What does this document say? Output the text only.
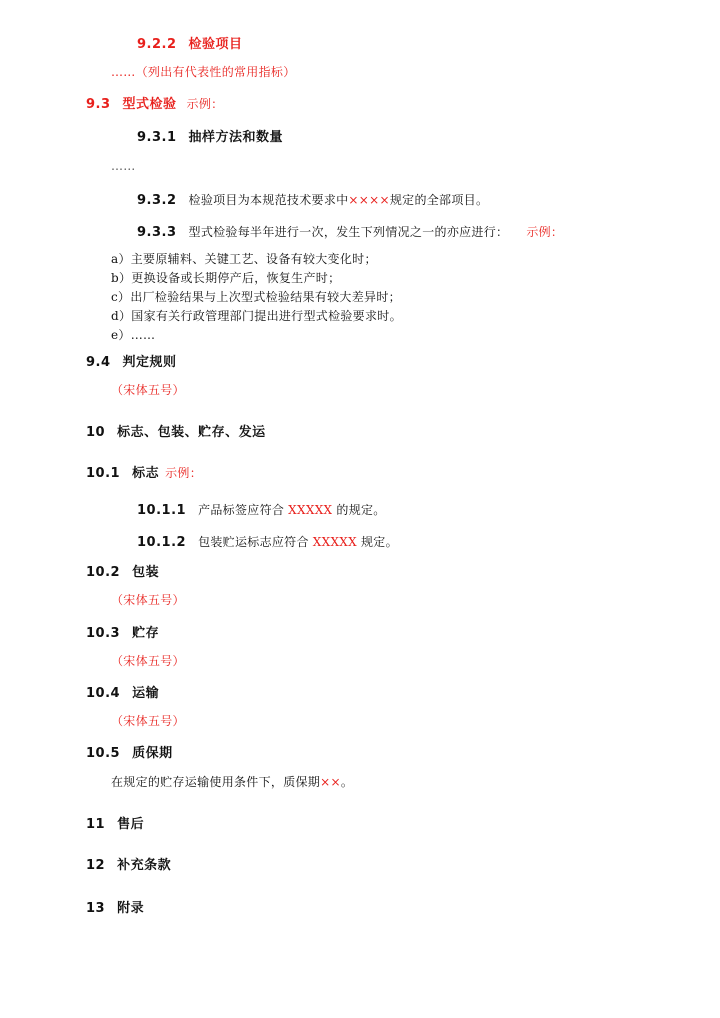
9.2.2 检验项目
……（列出有代表性的常用指标）
9.3 型式检验 示例：
9.3.1 抽样方法和数量
……
9.3.2 检验项目为本规范技术要求中××××规定的全部项目。
9.3.3 型式检验每半年进行一次，发生下列情况之一的亦应进行： 示例：
a）主要原辅料、关键工艺、设备有较大变化时；
b）更换设备或长期停产后，恢复生产时；
c）出厂检验结果与上次型式检验结果有较大差异时；
d）国家有关行政管理部门提出进行型式检验要求时。
e）……
9.4 判定规则
（宋体五号）
10 标志、包装、贮存、发运
10.1 标志 示例：
10.1.1 产品标签应符合 XXXXX 的规定。
10.1.2 包装贮运标志应符合 XXXXX 规定。
10.2 包装
（宋体五号）
10.3 贮存
（宋体五号）
10.4 运输
（宋体五号）
10.5 质保期
在规定的贮存运输使用条件下，质保期××。
11 售后
12 补充条款
13 附录
